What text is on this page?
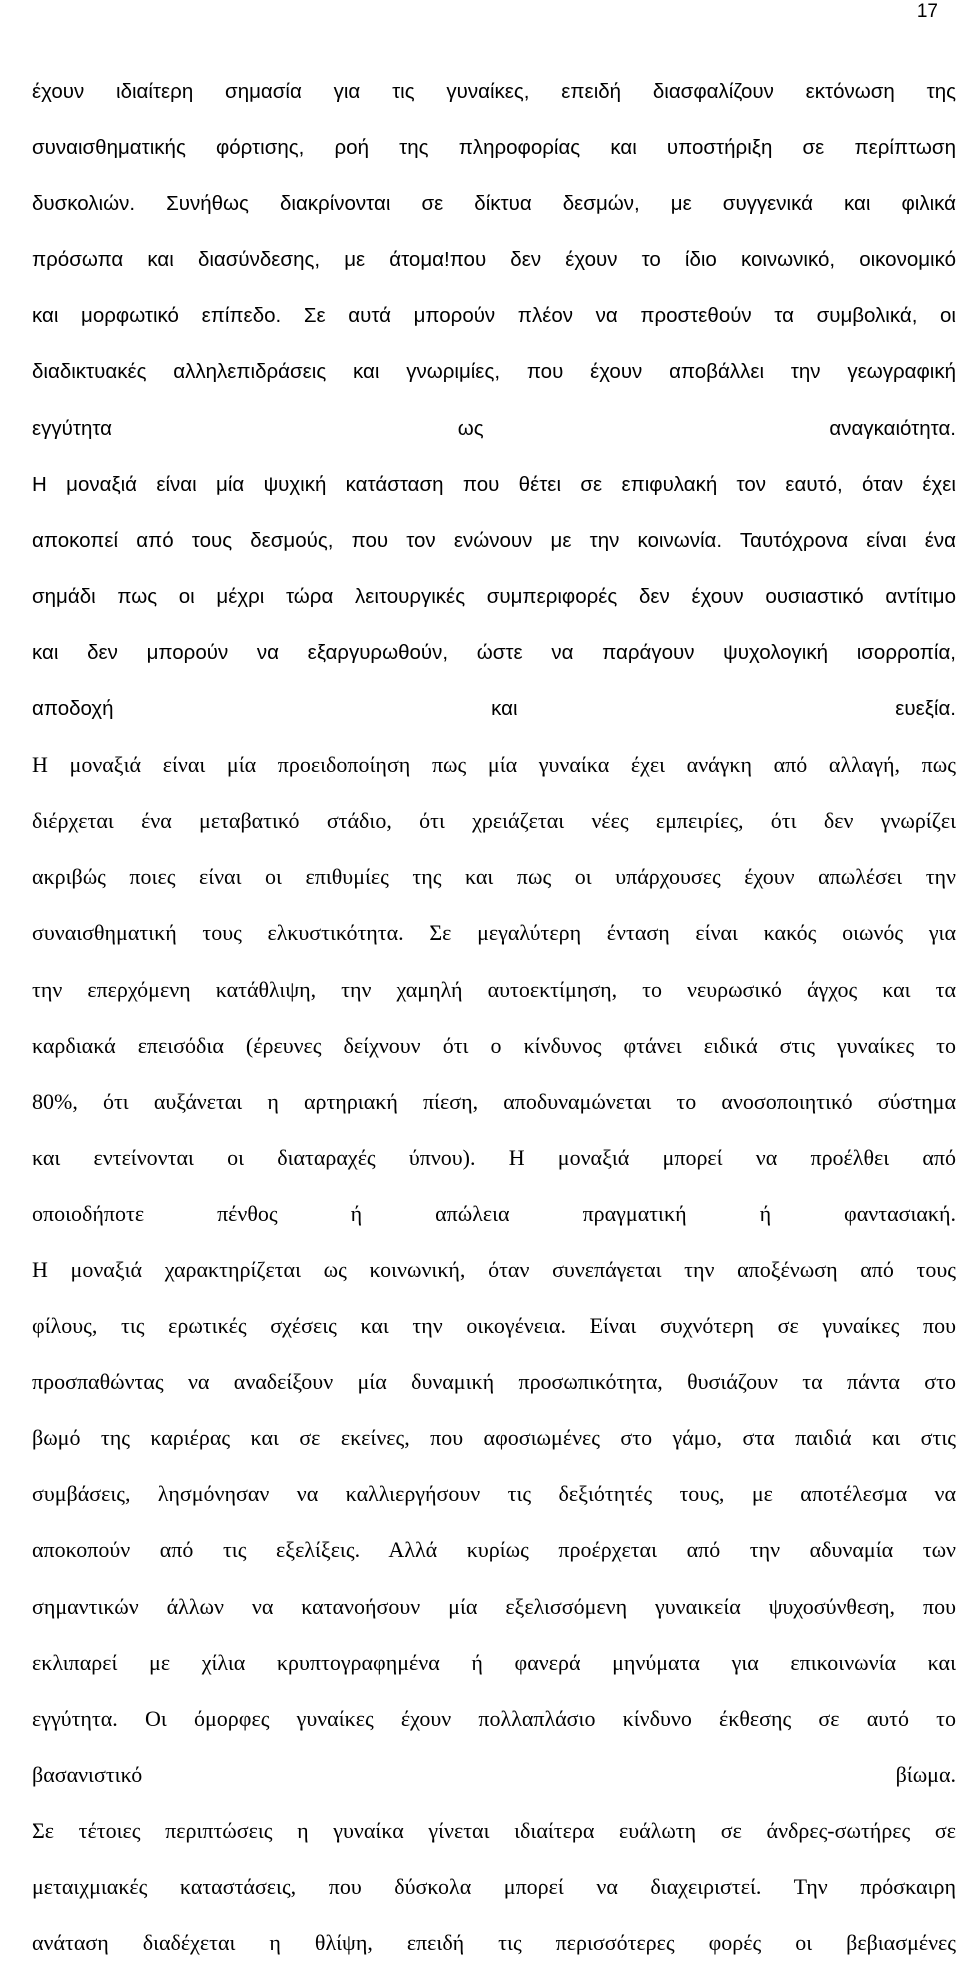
17
έχουν ιδιαίτερη σημασία για τις γυναίκες, επειδή διασφαλίζουν εκτόνωση της
συναισθηματικής φόρτισης, ροή της πληροφορίας και υποστήριξη σε περίπτωση
δυσκολιών. Συνήθως διακρίνονται σε δίκτυα δεσμών, με συγγενικά και φιλικά
πρόσωπα και διασύνδεσης, με άτομα!που δεν έχουν το ίδιο κοινωνικό, οικονομικό
και μορφωτικό επίπεδο. Σε αυτά μπορούν πλέον να προστεθούν τα συμβολικά, οι
διαδικτυακές αλληλεπιδράσεις και γνωριμίες, που έχουν αποβάλλει την γεωγραφική
εγγύτητα ως αναγκαιότητα.
Η μοναξιά είναι μία ψυχική κατάσταση που θέτει σε επιφυλακή τον εαυτό, όταν έχει
αποκοπεί από τους δεσμούς, που τον ενώνουν με την κοινωνία. Ταυτόχρονα είναι ένα
σημάδι πως οι μέχρι τώρα λειτουργικές συμπεριφορές δεν έχουν ουσιαστικό αντίτιμο
και δεν μπορούν να εξαργυρωθούν, ώστε να παράγουν ψυχολογική ισορροπία,
αποδοχή και ευεξία.
Η μοναξιά είναι μία προειδοποίηση πως μία γυναίκα έχει ανάγκη από αλλαγή, πως
διέρχεται ένα μεταβατικό στάδιο, ότι χρειάζεται νέες εμπειρίες, ότι δεν γνωρίζει
ακριβώς ποιες είναι οι επιθυμίες της και πως οι υπάρχουσες έχουν απωλέσει την
συναισθηματική τους ελκυστικότητα. Σε μεγαλύτερη ένταση είναι κακός οιωνός για
την επερχόμενη κατάθλιψη, την χαμηλή αυτοεκτίμηση, το νευρωσικό άγχος και τα
καρδιακά επεισόδια (έρευνες δείχνουν ότι ο κίνδυνος φτάνει ειδικά στις γυναίκες το
80%, ότι αυξάνεται η αρτηριακή πίεση, αποδυναμώνεται το ανοσοποιητικό σύστημα
και εντείνονται οι διαταραχές ύπνου). Η μοναξιά μπορεί να προέλθει από
οποιοδήποτε πένθος ή απώλεια πραγματική ή φαντασιακή.
Η μοναξιά χαρακτηρίζεται ως κοινωνική, όταν συνεπάγεται την αποξένωση από τους
φίλους, τις ερωτικές σχέσεις και την οικογένεια. Είναι συχνότερη σε γυναίκες που
προσπαθώντας να αναδείξουν μία δυναμική προσωπικότητα, θυσιάζουν τα πάντα στο
βωμό της καριέρας και σε εκείνες, που αφοσιωμένες στο γάμο, στα παιδιά και στις
συμβάσεις, λησμόνησαν να καλλιεργήσουν τις δεξιότητές τους, με αποτέλεσμα να
αποκοπούν από τις εξελίξεις. Αλλά κυρίως προέρχεται από την αδυναμία των
σημαντικών άλλων να κατανοήσουν μία εξελισσόμενη γυναικεία ψυχοσύνθεση, που
εκλιπαρεί με χίλια κρυπτογραφημένα ή φανερά μηνύματα για επικοινωνία και
εγγύτητα. Οι όμορφες γυναίκες έχουν πολλαπλάσιο κίνδυνο έκθεσης σε αυτό το
βασανιστικό βίωμα.
Σε τέτοιες περιπτώσεις η γυναίκα γίνεται ιδιαίτερα ευάλωτη σε άνδρες-σωτήρες σε
μεταιχμιακές καταστάσεις, που δύσκολα μπορεί να διαχειριστεί. Την πρόσκαιρη
ανάταση διαδέχεται η θλίψη, επειδή τις περισσότερες φορές οι βεβιασμένες
